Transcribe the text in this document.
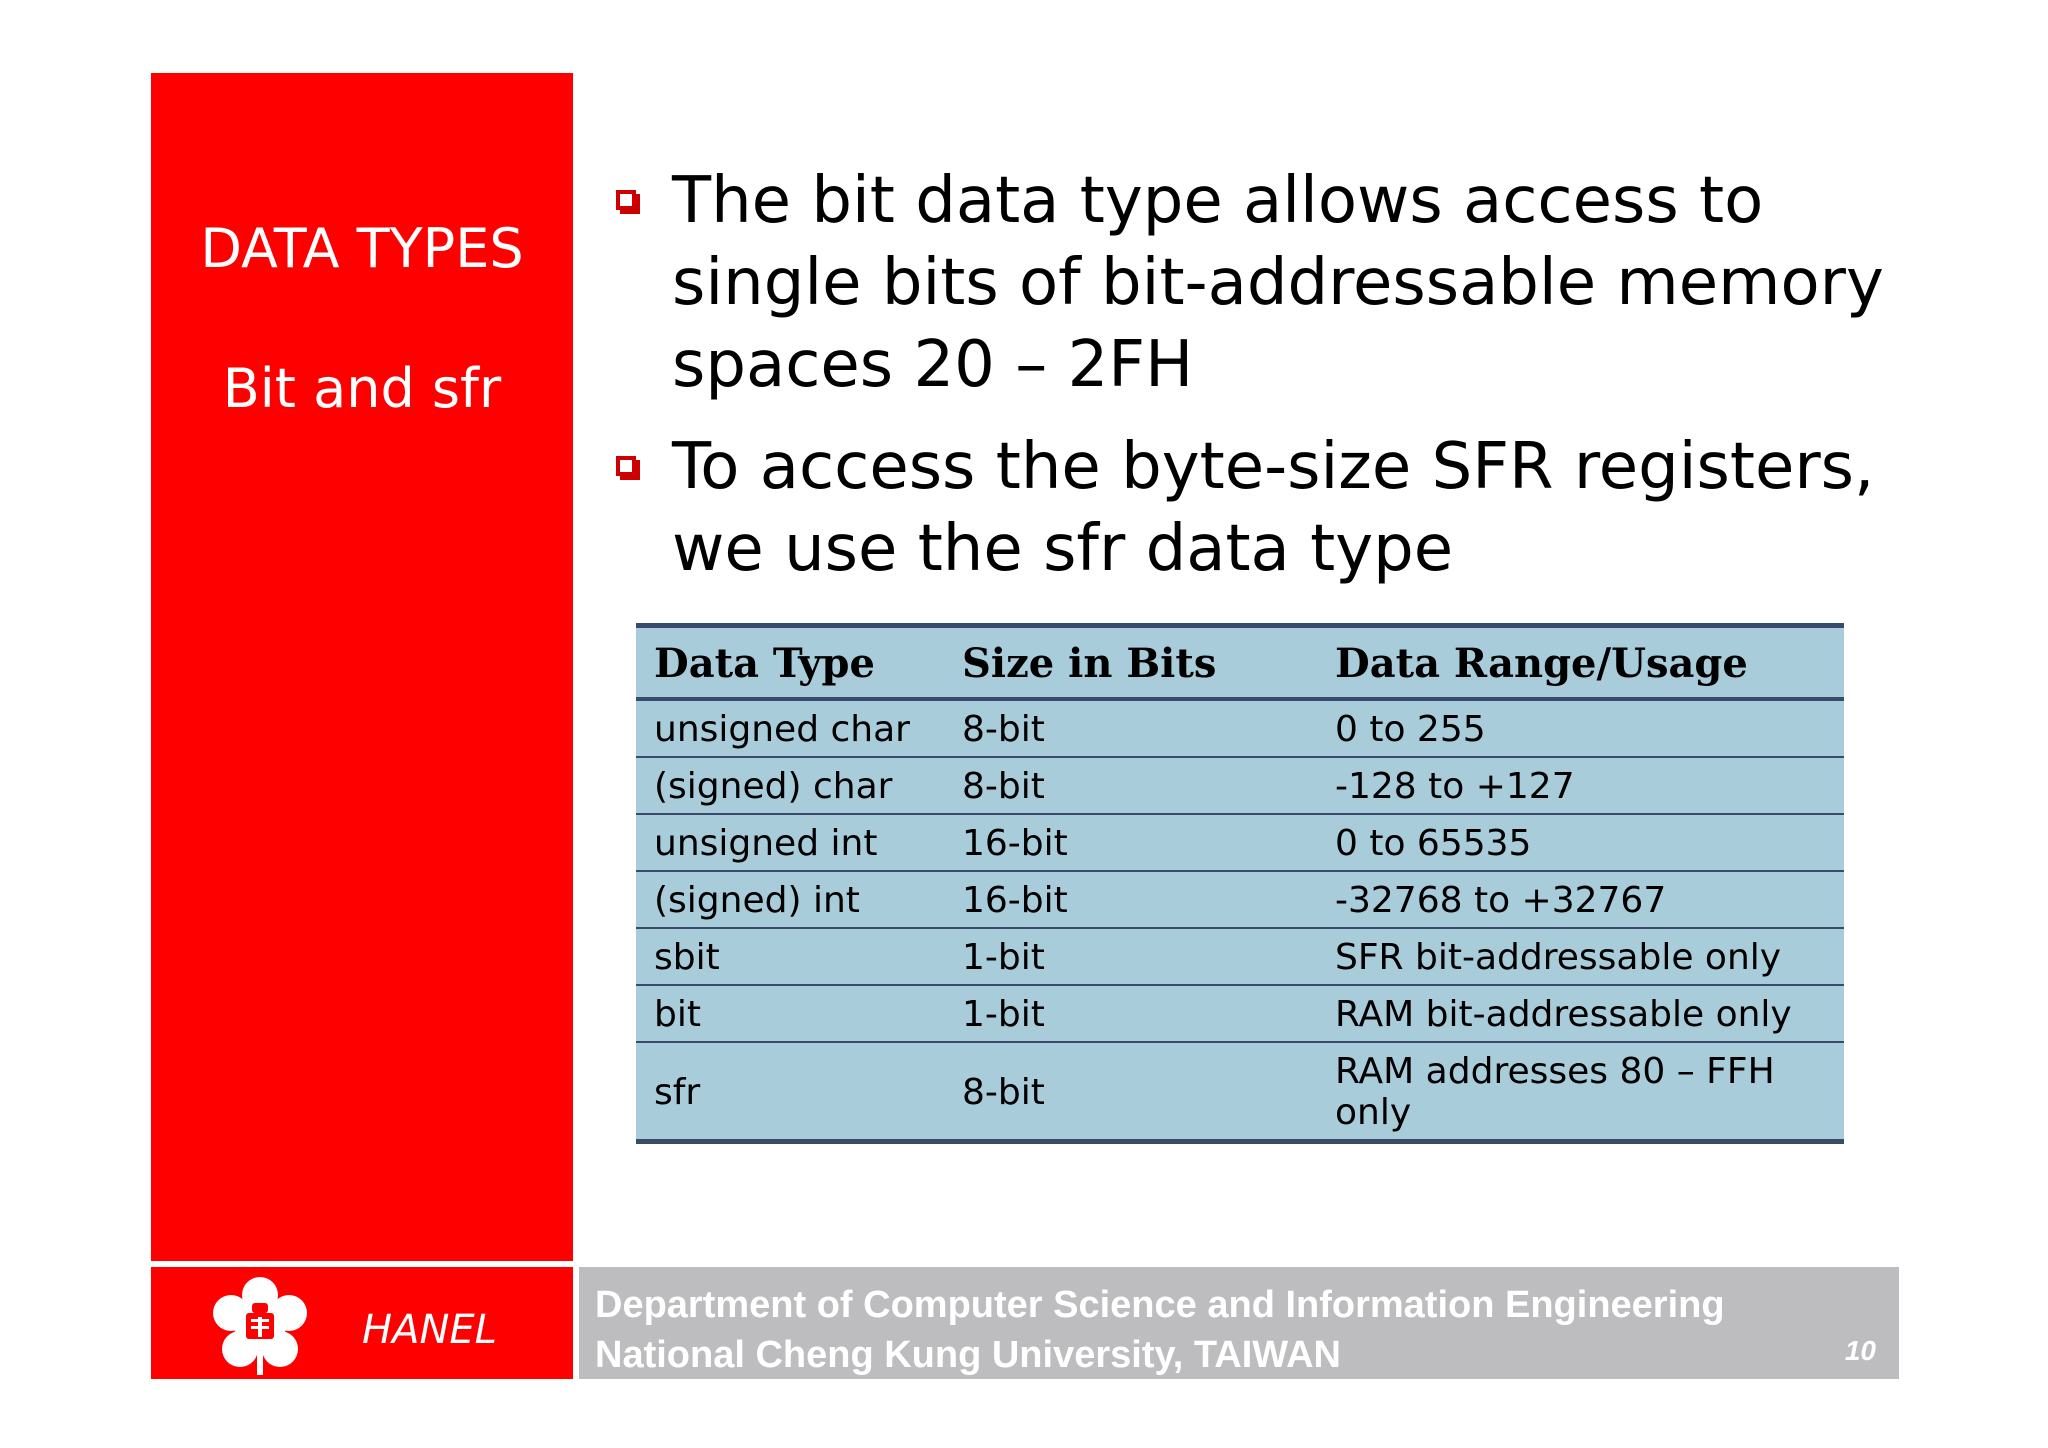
DATA TYPES
Bit and sfr
The bit data type allows access to
single bits of bit-addressable memory
spaces 20 – 2FH
To access the byte-size SFR registers,
we use the sfr data type
Data Type	Size in Bits	Data Range/Usage
unsigned char	8-bit	0 to 255
(signed) char	8-bit	-128 to +127
unsigned int	16-bit	0 to 65535
(signed) int	16-bit	-32768 to +32767
sbit	1-bit	SFR bit-addressable only
bit	1-bit	RAM bit-addressable only
sfr	8-bit	RAM addresses 80 – FFH only
HANEL
Department of Computer Science and Information Engineering
National Cheng Kung University, TAIWAN	10
